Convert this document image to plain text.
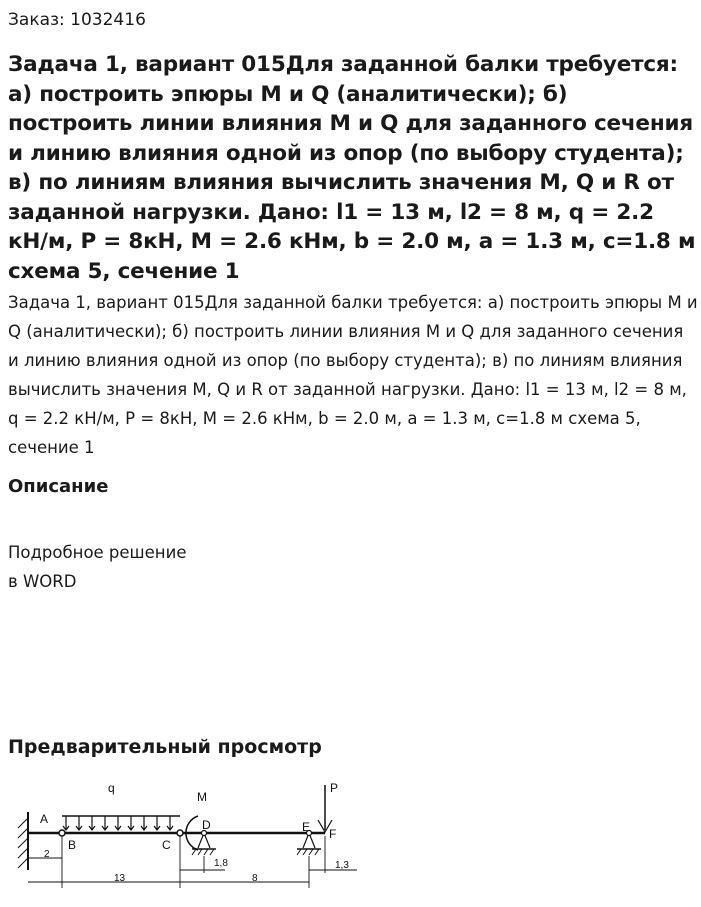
Заказ: 1032416
Задача 1, вариант 015Для заданной балки требуется: а) построить эпюры М и Q (аналитически); б) построить линии влияния М и Q для заданного сечения и линию влияния одной из опор (по выбору студента); в) по линиям влияния вычислить значения М, Q и R от заданной нагрузки. Дано: l1 = 13 м, l2 = 8 м, q = 2.2 кН/м, Р = 8кН, М = 2.6 кНм, b = 2.0 м, а = 1.3 м, с=1.8 м схема 5, сечение 1
Задача 1, вариант 015Для заданной балки требуется: а) построить эпюры М и Q (аналитически); б) построить линии влияния М и Q для заданного сечения и линию влияния одной из опор (по выбору студента); в) по линиям влияния вычислить значения М, Q и R от заданной нагрузки. Дано: l1 = 13 м, l2 = 8 м, q = 2.2 кН/м, Р = 8кН, М = 2.6 кНм, b = 2.0 м, а = 1.3 м, с=1.8 м схема 5, сечение 1
Описание
Подробное решение
в WORD
Предварительный просмотр
q
M
P
A
B	C
D	E F
2
13	8
1,8	1,3
